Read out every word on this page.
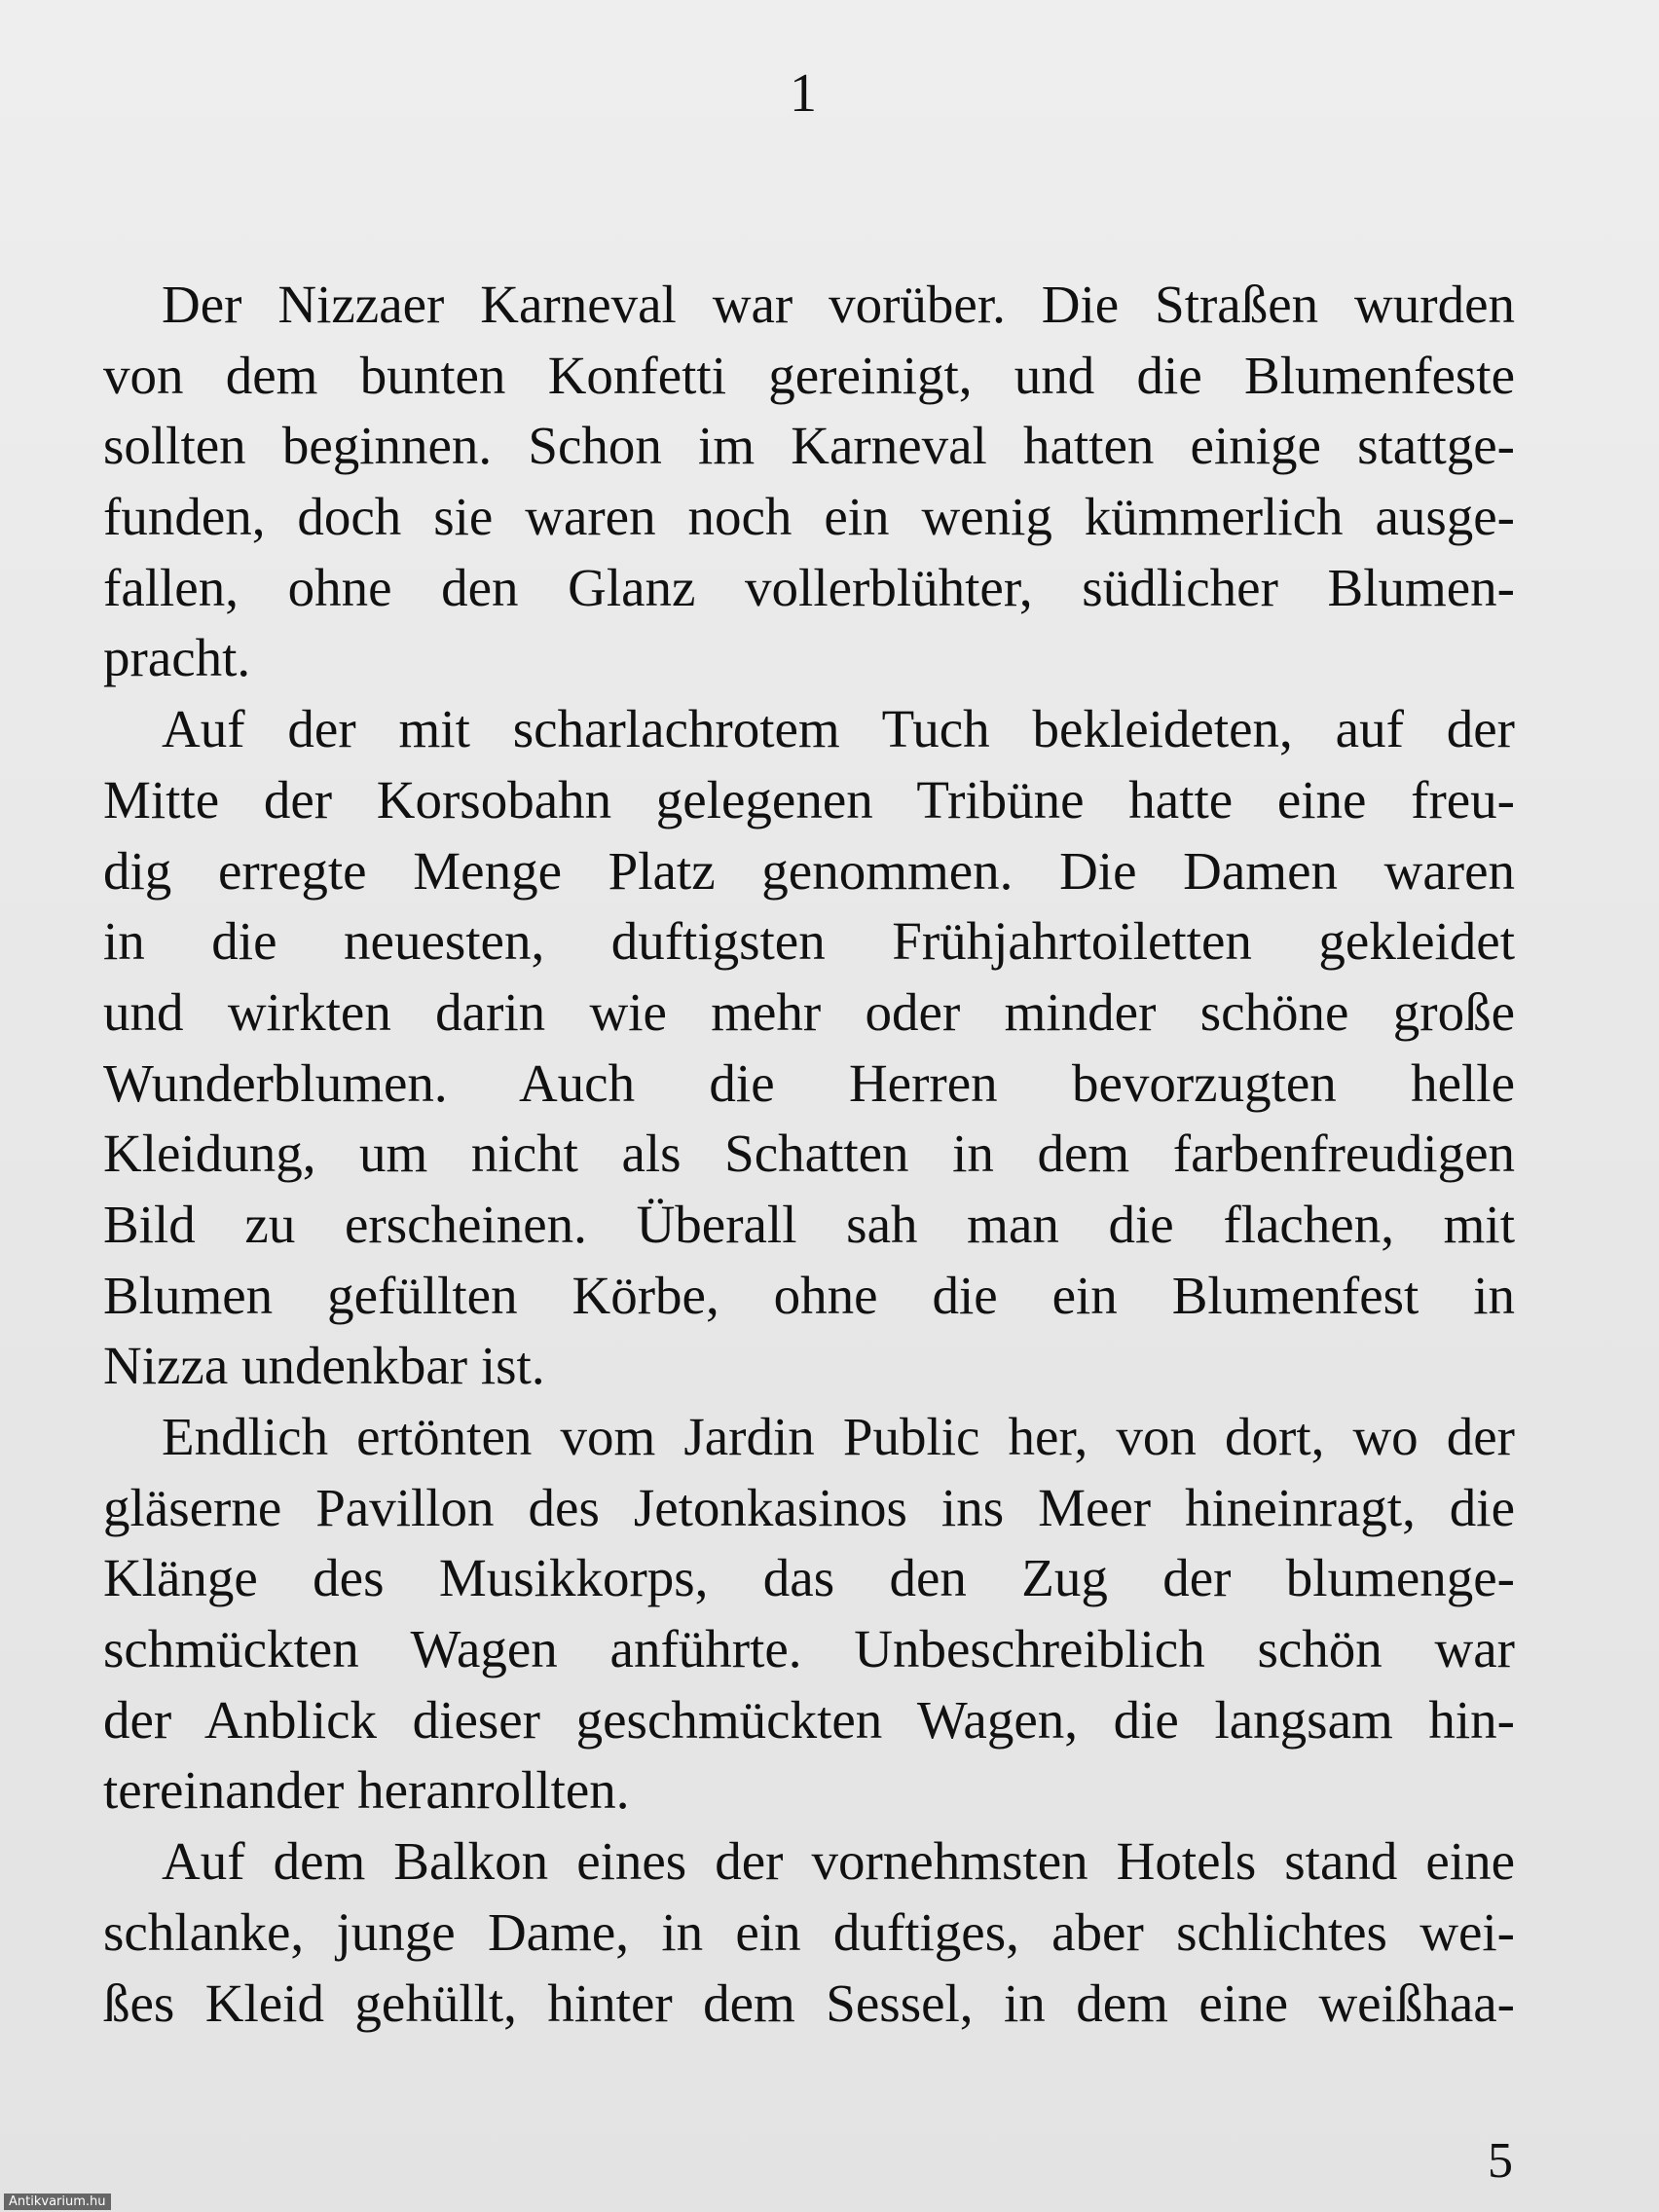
1
Der Nizzaer Karneval war vorüber. Die Straßen wurden
von dem bunten Konfetti gereinigt, und die Blumenfeste
sollten beginnen. Schon im Karneval hatten einige stattge-
funden, doch sie waren noch ein wenig kümmerlich ausge-
fallen, ohne den Glanz vollerblühter, südlicher Blumen-
pracht.
Auf der mit scharlachrotem Tuch bekleideten, auf der
Mitte der Korsobahn gelegenen Tribüne hatte eine freu-
dig erregte Menge Platz genommen. Die Damen waren
in die neuesten, duftigsten Frühjahrtoiletten gekleidet
und wirkten darin wie mehr oder minder schöne große
Wunderblumen. Auch die Herren bevorzugten helle
Kleidung, um nicht als Schatten in dem farbenfreudigen
Bild zu erscheinen. Überall sah man die flachen, mit
Blumen gefüllten Körbe, ohne die ein Blumenfest in
Nizza undenkbar ist.
Endlich ertönten vom Jardin Public her, von dort, wo der
gläserne Pavillon des Jetonkasinos ins Meer hineinragt, die
Klänge des Musikkorps, das den Zug der blumenge-
schmückten Wagen anführte. Unbeschreiblich schön war
der Anblick dieser geschmückten Wagen, die langsam hin-
tereinander heranrollten.
Auf dem Balkon eines der vornehmsten Hotels stand eine
schlanke, junge Dame, in ein duftiges, aber schlichtes wei-
ßes Kleid gehüllt, hinter dem Sessel, in dem eine weißhaa-
5
Antikvarium.hu
